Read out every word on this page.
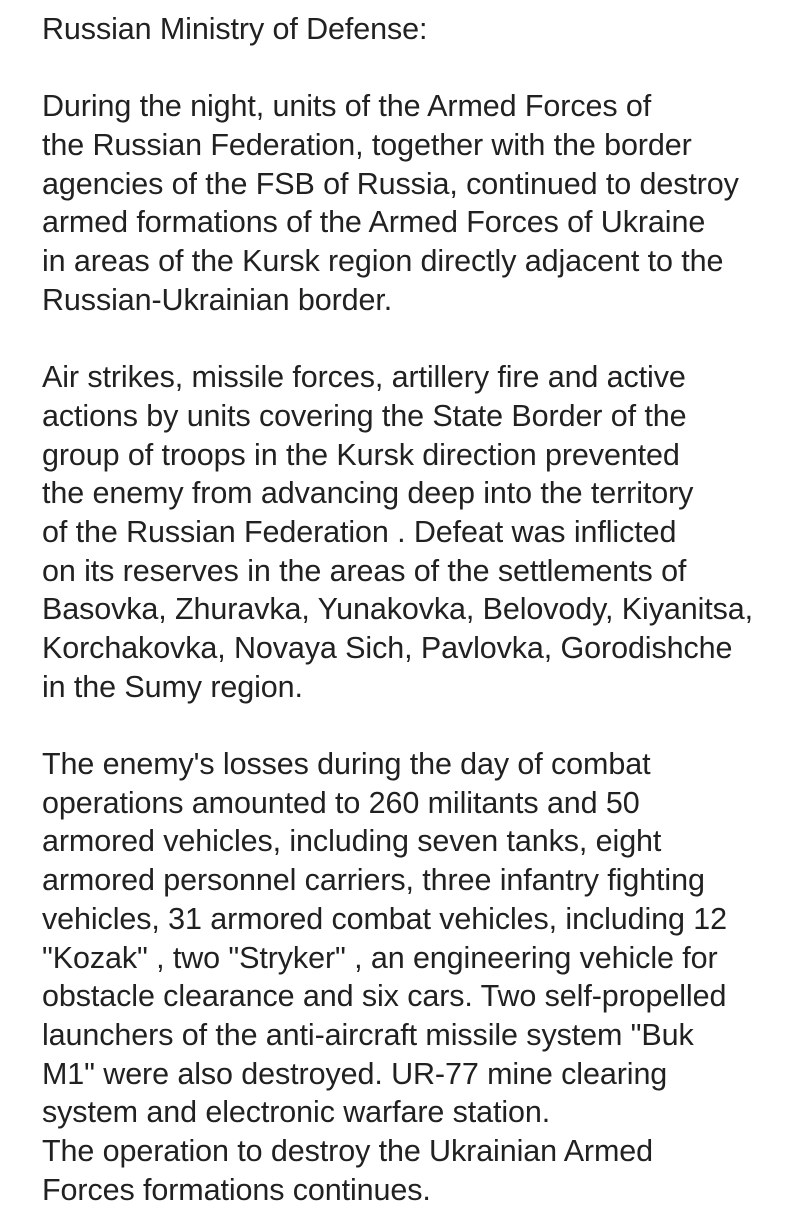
Russian Ministry of Defense:
During the night, units of the Armed Forces of
the Russian Federation, together with the border
agencies of the FSB of Russia, continued to destroy
armed formations of the Armed Forces of Ukraine
in areas of the Kursk region directly adjacent to the
Russian-Ukrainian border.
Air strikes, missile forces, artillery fire and active
actions by units covering the State Border of the
group of troops in the Kursk direction prevented
the enemy from advancing deep into the territory
of the Russian Federation . Defeat was inflicted
on its reserves in the areas of the settlements of
Basovka, Zhuravka, Yunakovka, Belovody, Kiyanitsa,
Korchakovka, Novaya Sich, Pavlovka, Gorodishche
in the Sumy region.
The enemy's losses during the day of combat
operations amounted to 260 militants and 50
armored vehicles, including seven tanks, eight
armored personnel carriers, three infantry fighting
vehicles, 31 armored combat vehicles, including 12
"Kozak" , two "Stryker" , an engineering vehicle for
obstacle clearance and six cars. Two self-propelled
launchers of the anti-aircraft missile system "Buk
M1" were also destroyed. UR-77 mine clearing
system and electronic warfare station.
The operation to destroy the Ukrainian Armed
Forces formations continues.
